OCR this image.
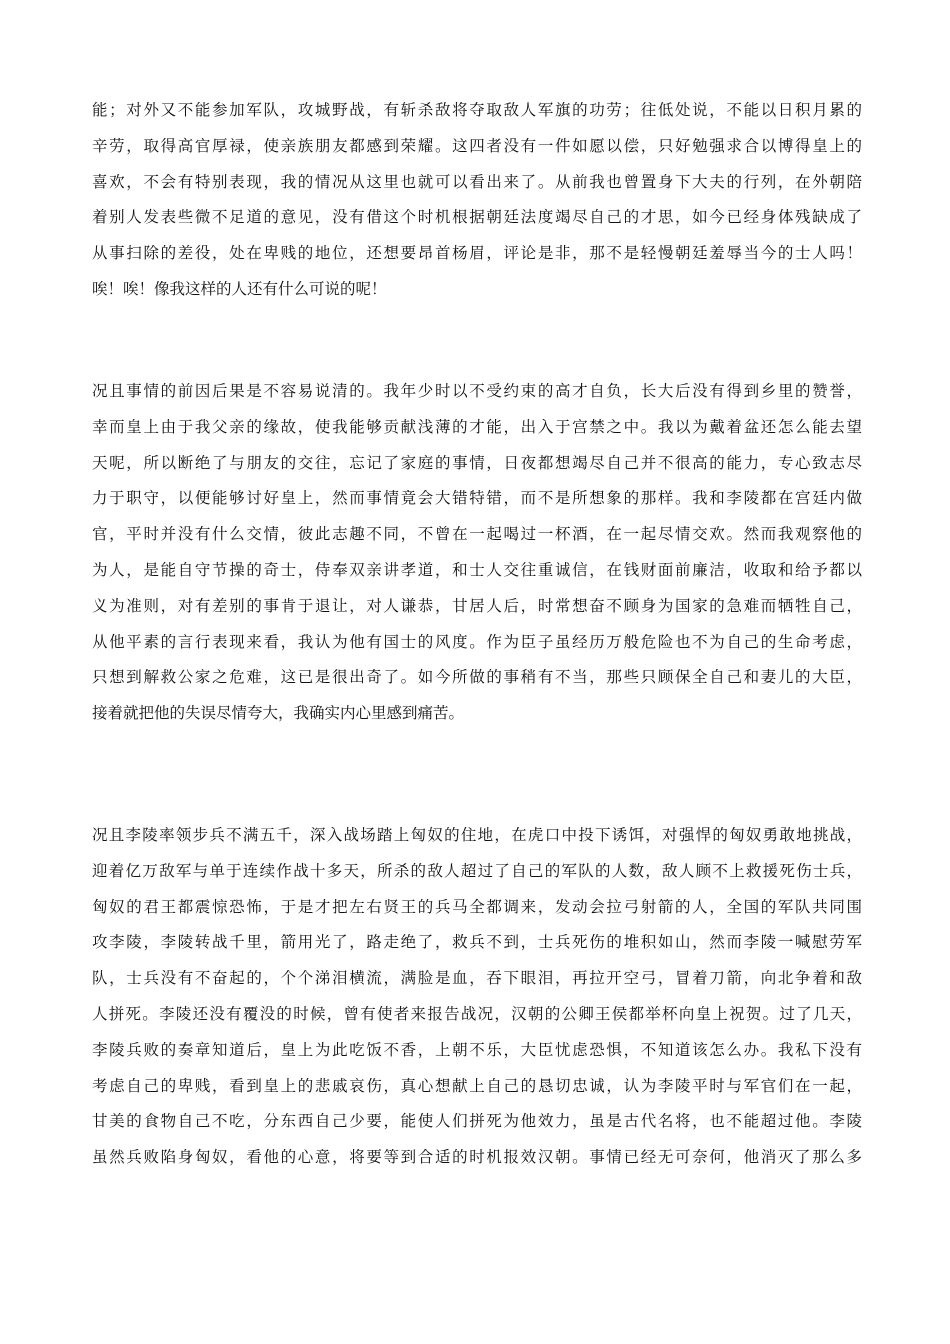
能；对外又不能参加军队，攻城野战，有斩杀敌将夺取敌人军旗的功劳；往低处说，不能以日积月累的
辛劳，取得高官厚禄，使亲族朋友都感到荣耀。这四者没有一件如愿以偿，只好勉强求合以博得皇上的
喜欢，不会有特别表现，我的情况从这里也就可以看出来了。从前我也曾置身下大夫的行列，在外朝陪
着别人发表些微不足道的意见，没有借这个时机根据朝廷法度竭尽自己的才思，如今已经身体残缺成了
从事扫除的差役，处在卑贱的地位，还想要昂首杨眉，评论是非，那不是轻慢朝廷羞辱当今的士人吗！
唉！唉！像我这样的人还有什么可说的呢！
况且事情的前因后果是不容易说清的。我年少时以不受约束的高才自负，长大后没有得到乡里的赞誉，
幸而皇上由于我父亲的缘故，使我能够贡献浅薄的才能，出入于宫禁之中。我以为戴着盆还怎么能去望
天呢，所以断绝了与朋友的交往，忘记了家庭的事情，日夜都想竭尽自己并不很高的能力，专心致志尽
力于职守，以便能够讨好皇上，然而事情竟会大错特错，而不是所想象的那样。我和李陵都在宫廷内做
官，平时并没有什么交情，彼此志趣不同，不曾在一起喝过一杯酒，在一起尽情交欢。然而我观察他的
为人，是能自守节操的奇士，侍奉双亲讲孝道，和士人交往重诚信，在钱财面前廉洁，收取和给予都以
义为准则，对有差别的事肯于退让，对人谦恭，甘居人后，时常想奋不顾身为国家的急难而牺牲自己，
从他平素的言行表现来看，我认为他有国士的风度。作为臣子虽经历万般危险也不为自己的生命考虑，
只想到解救公家之危难，这已是很出奇了。如今所做的事稍有不当，那些只顾保全自己和妻儿的大臣，
接着就把他的失误尽情夸大，我确实内心里感到痛苦。
况且李陵率领步兵不满五千，深入战场踏上匈奴的住地，在虎口中投下诱饵，对强悍的匈奴勇敢地挑战，
迎着亿万敌军与单于连续作战十多天，所杀的敌人超过了自己的军队的人数，敌人顾不上救援死伤士兵，
匈奴的君王都震惊恐怖，于是才把左右贤王的兵马全都调来，发动会拉弓射箭的人，全国的军队共同围
攻李陵，李陵转战千里，箭用光了，路走绝了，救兵不到，士兵死伤的堆积如山，然而李陵一喊慰劳军
队，士兵没有不奋起的，个个涕泪横流，满脸是血，吞下眼泪，再拉开空弓，冒着刀箭，向北争着和敌
人拼死。李陵还没有覆没的时候，曾有使者来报告战况，汉朝的公卿王侯都举杯向皇上祝贺。过了几天，
李陵兵败的奏章知道后，皇上为此吃饭不香，上朝不乐，大臣忧虑恐惧，不知道该怎么办。我私下没有
考虑自己的卑贱，看到皇上的悲戚哀伤，真心想献上自己的恳切忠诚，认为李陵平时与军官们在一起，
甘美的食物自己不吃，分东西自己少要，能使人们拼死为他效力，虽是古代名将，也不能超过他。李陵
虽然兵败陷身匈奴，看他的心意，将要等到合适的时机报效汉朝。事情已经无可奈何，他消灭了那么多
